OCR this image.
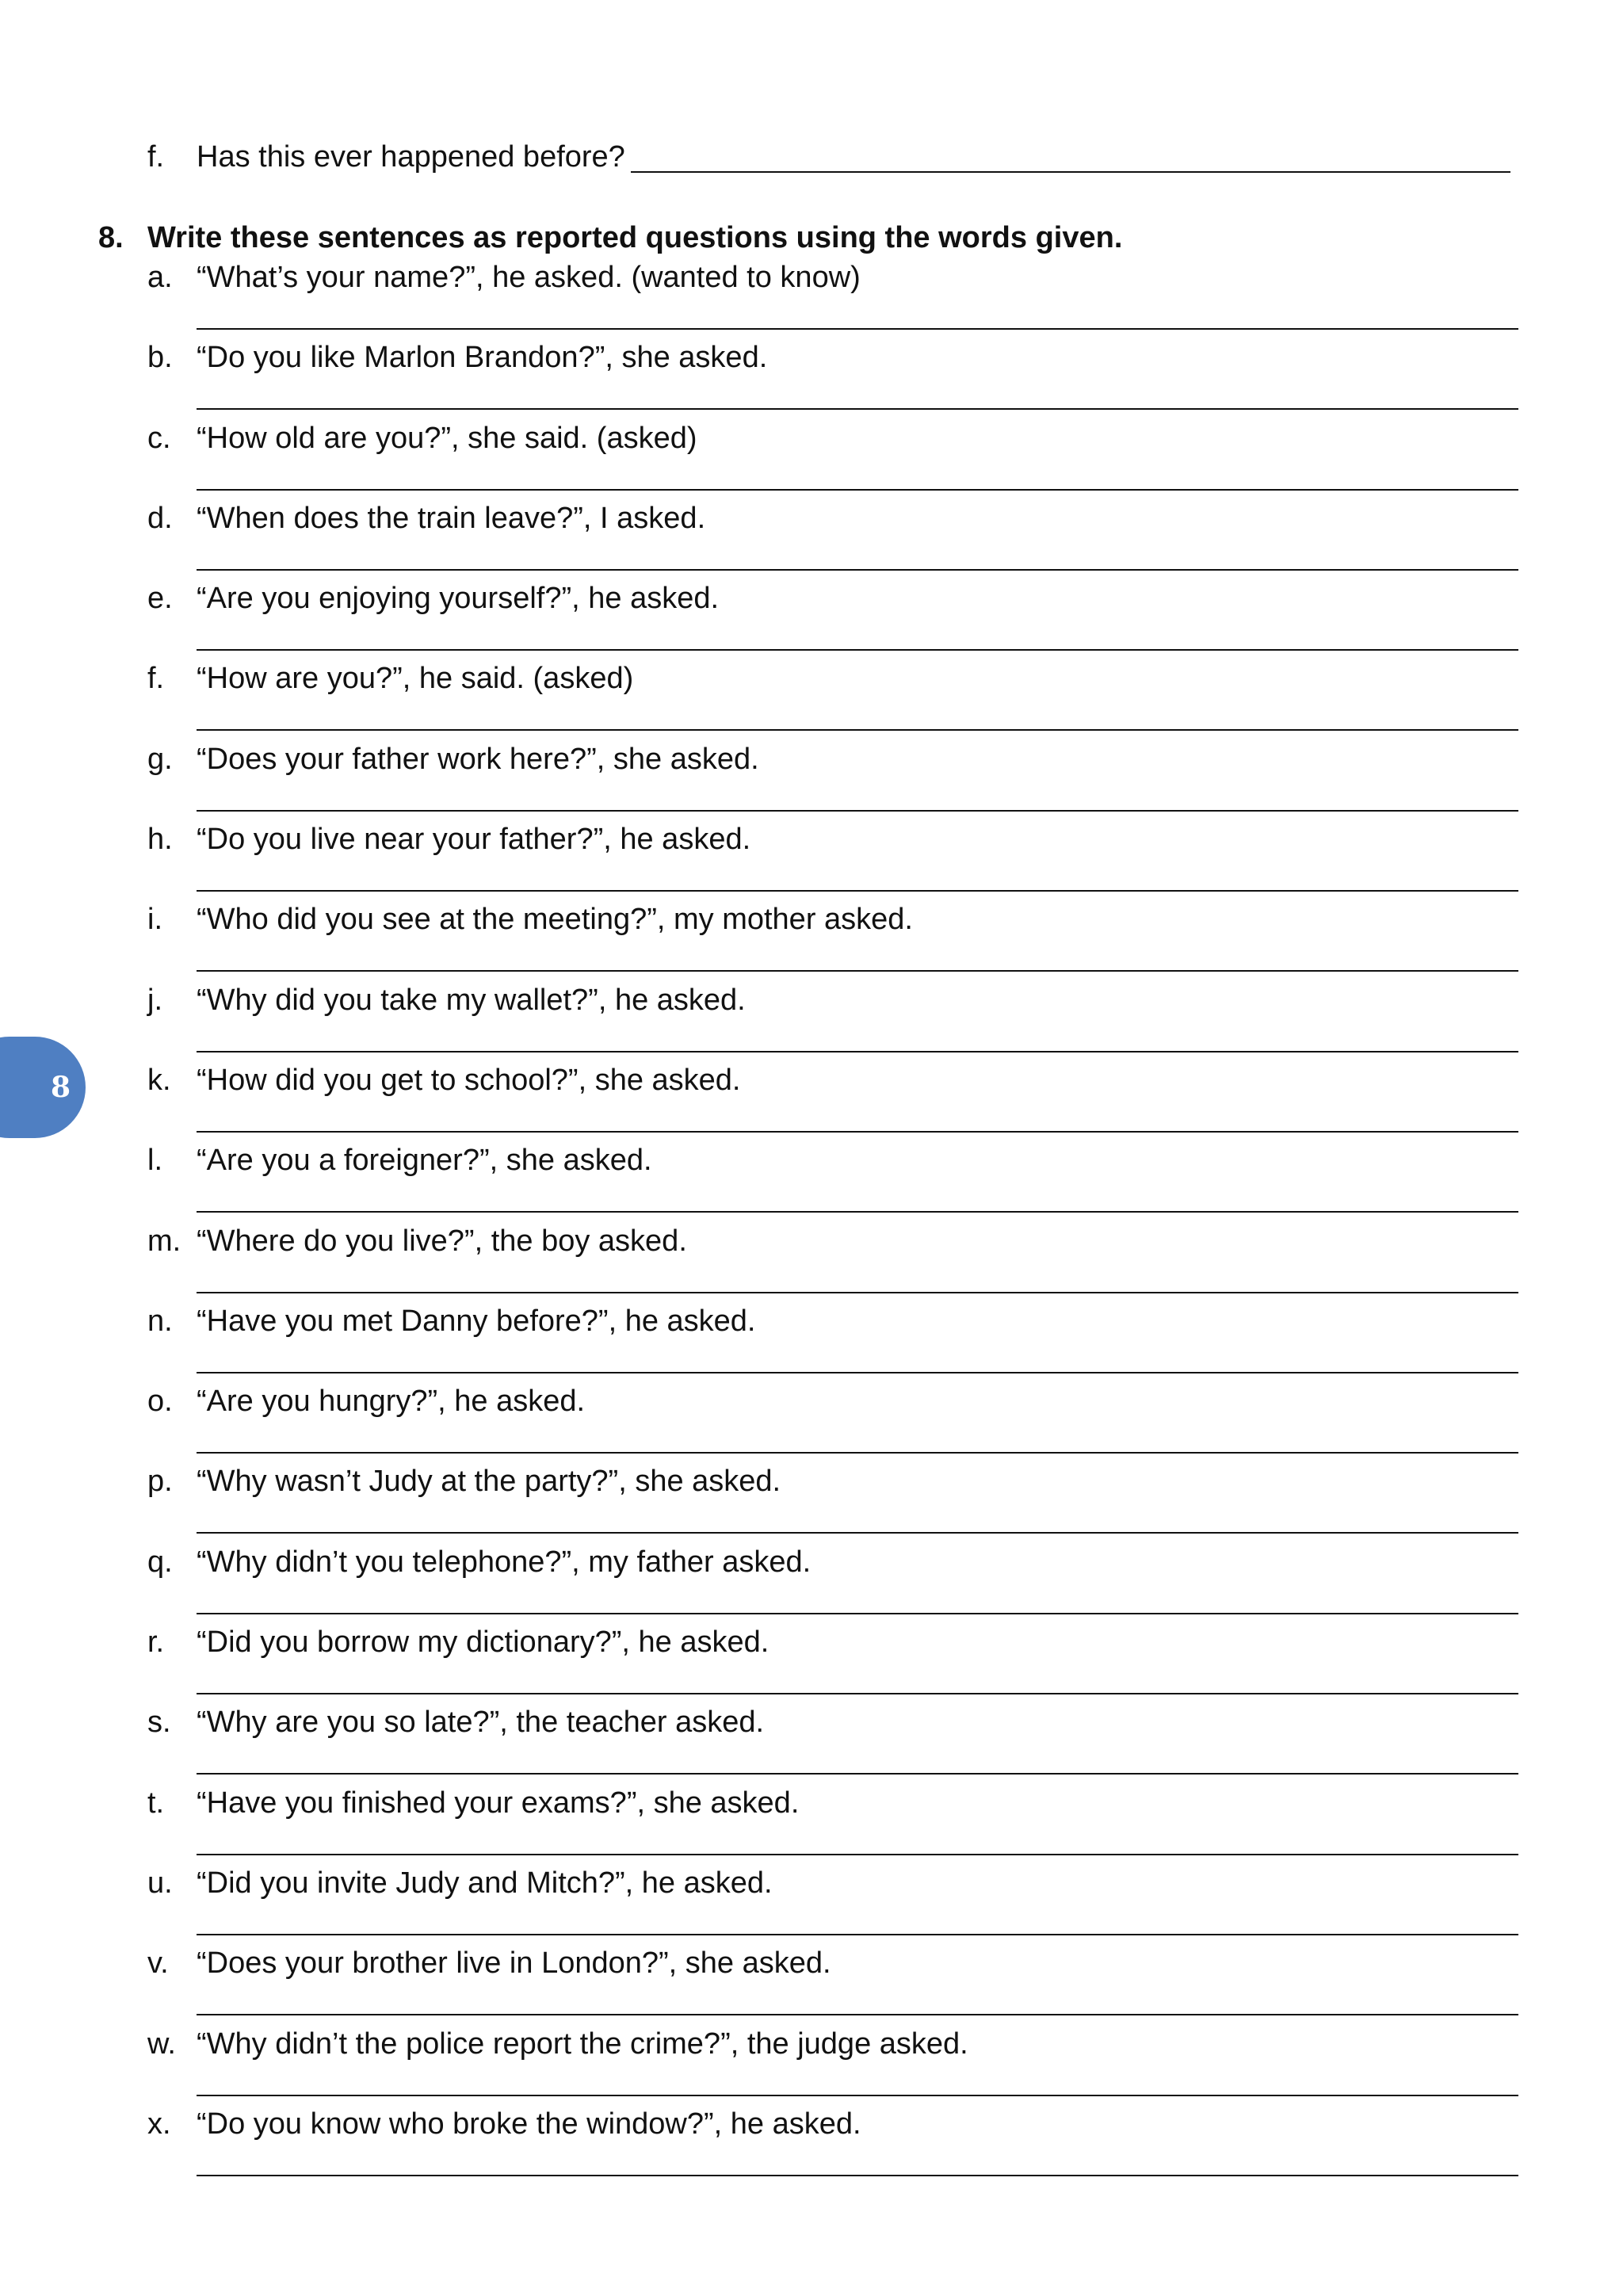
f. Has this ever happened before?
8. Write these sentences as reported questions using the words given.
a. “What’s your name?”, he asked. (wanted to know)
b. “Do you like Marlon Brandon?”, she asked.
c. “How old are you?”, she said. (asked)
d. “When does the train leave?”, I asked.
e. “Are you enjoying yourself?”, he asked.
f. “How are you?”, he said. (asked)
g. “Does your father work here?”, she asked.
h. “Do you live near your father?”, he asked.
i. “Who did you see at the meeting?”, my mother asked.
j. “Why did you take my wallet?”, he asked.
k. “How did you get to school?”, she asked.
l. “Are you a foreigner?”, she asked.
m. “Where do you live?”, the boy asked.
n. “Have you met Danny before?”, he asked.
o. “Are you hungry?”, he asked.
p. “Why wasn’t Judy at the party?”, she asked.
q. “Why didn’t you telephone?”, my father asked.
r. “Did you borrow my dictionary?”, he asked.
s. “Why are you so late?”, the teacher asked.
t. “Have you finished your exams?”, she asked.
u. “Did you invite Judy and Mitch?”, he asked.
v. “Does your brother live in London?”, she asked.
w. “Why didn’t the police report the crime?”, the judge asked.
x. “Do you know who broke the window?”, he asked.
8
